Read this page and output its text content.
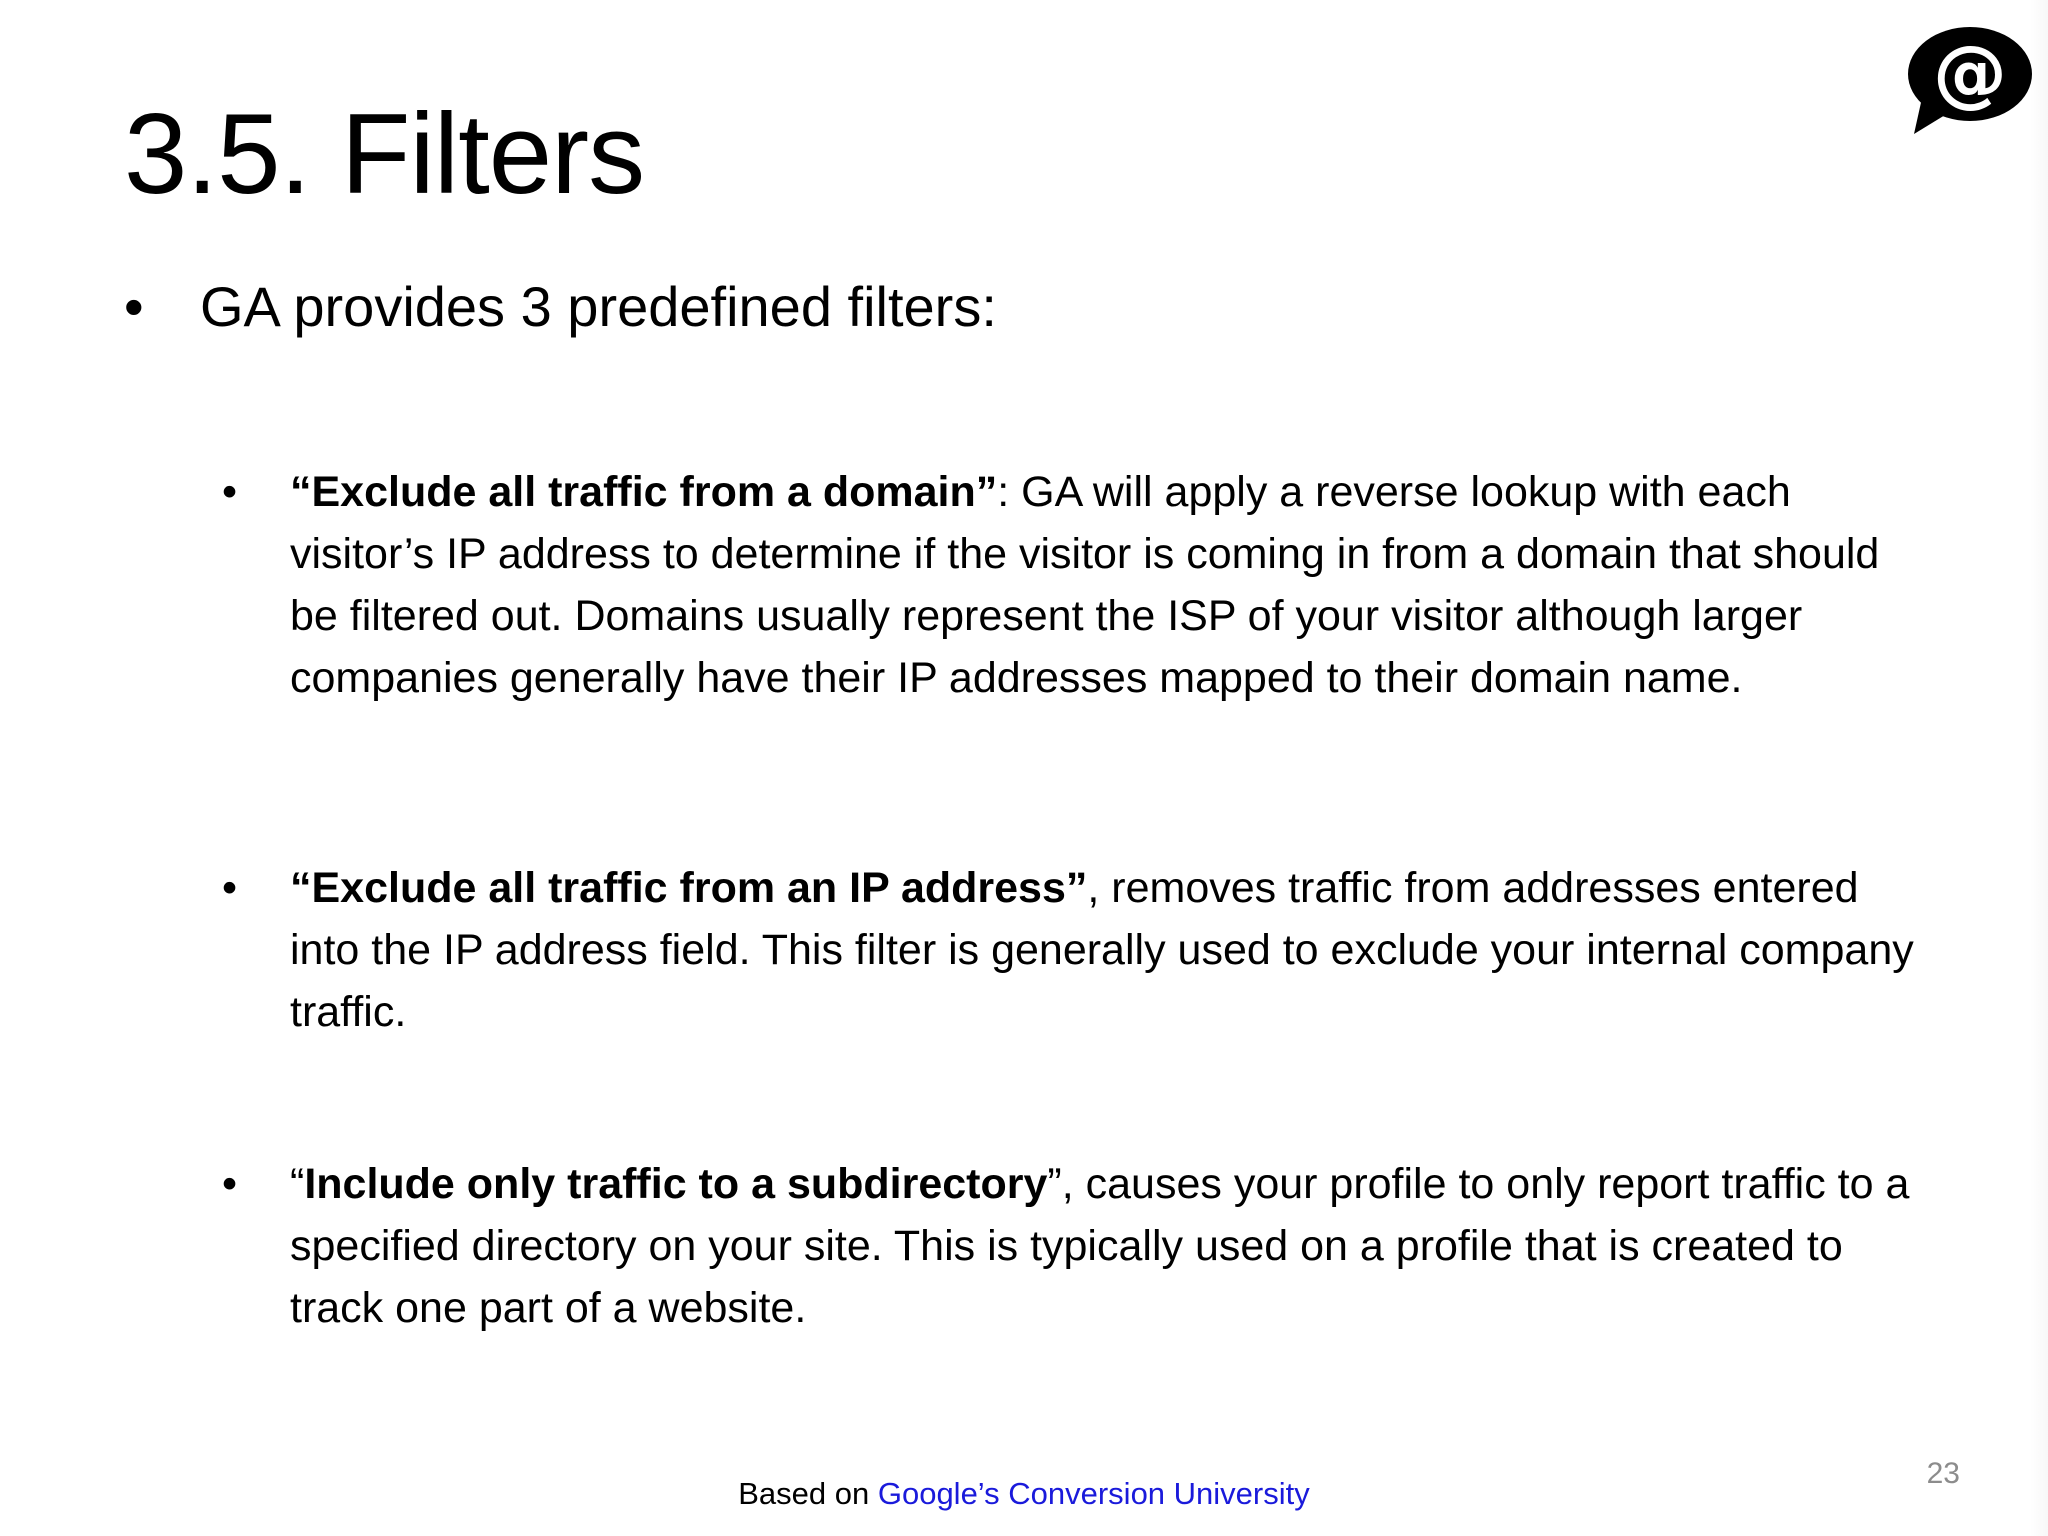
@
3.5. Filters
• GA provides 3 predefined filters:
•	“Exclude all traffic from a domain”: GA will apply a reverse lookup with each visitor’s IP address to determine if the visitor is coming in from a domain that should be filtered out. Domains usually represent the ISP of your visitor although larger companies generally have their IP addresses mapped to their domain name.
•	“Exclude all traffic from an IP address”, removes traffic from addresses entered into the IP address field. This filter is generally used to exclude your internal company traffic.
•	“Include only traffic to a subdirectory”, causes your profile to only report traffic to a specified directory on your site. This is typically used on a profile that is created to track one part of a website.
Based on Google’s Conversion University
23
